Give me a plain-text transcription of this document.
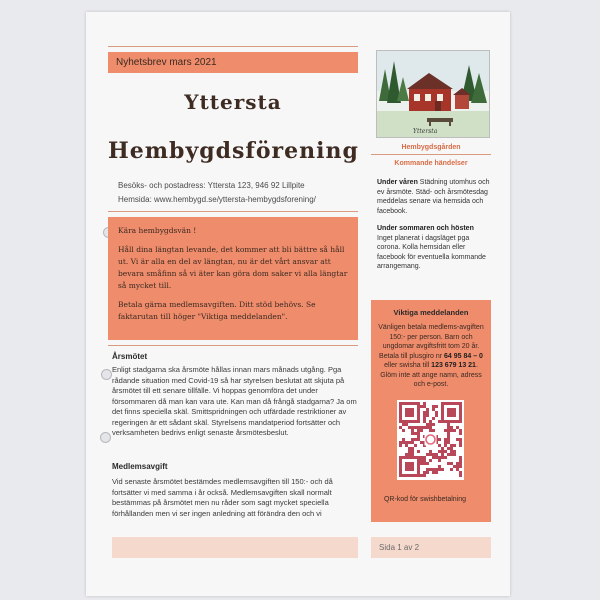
Nyhetsbrev mars 2021
Yttersta
Hembygdsförening
Besöks- och postadress: Yttersta 123, 946 92 Lillpite
Hemsida: www.hembygd.se/yttersta-hembygdsforening/

Kära hembygdsvän !

Håll dina längtan levande, det kommer att bli bättre så håll ut. Vi är alla en del av längtan, nu är det vårt ansvar att bevara småfinn så vi äter kan göra dom saker vi alla längtar så mycket till.

Betala gärna medlemsavgiften. Ditt stöd behövs. Se faktarutan till höger "Viktiga meddelanden".

Årsmötet

Enligt stadgarna ska årsmöte hållas innan mars månads utgång. Pga rådande situation med Covid-19 så har styrelsen beslutat att skjuta på årsmötet till ett senare tillfälle. Vi hoppas genomföra det under försommaren då man kan vara ute. Kan man då frångå stadgarna? Ja om det finns speciella skäl. Smittspridningen och utfärdade restriktioner av regeringen är ett sådant skäl. Styrelsens mandatperiod fortsätter och verksamheten bedrivs enligt senaste årsmötesbeslut.

Medlemsavgift

Vid senaste årsmötet bestämdes medlemsavgiften till 150:- och då fortsätter vi med samma i år också. Medlemsavgiften skall normalt bestämmas på årsmötet men nu råder som sagt mycket speciella förhållanden men vi ser ingen anledning att förändra den och vi

Yttersta
Hembygdsgården
Kommande händelser
Under våren Städning utomhus och ev årsmöte. Städ- och årsmötesdag meddelas senare via hemsida och facebook.
Under sommaren och hösten
Inget planerat i dagsläget pga corona. Kolla hemsidan eller facebook för eventuella kommande arrangemang.
Viktiga meddelanden
Vänligen betala medlems-avgiften 150:- per person. Barn och ungdomar avgiftsfritt tom 20 år. Betala till plusgiro nr 64 95 84 – 0 eller swisha till 123 679 13 21. Glöm inte att ange namn, adress och e-post.
QR-kod för swishbetalning
Sida 1 av 2
